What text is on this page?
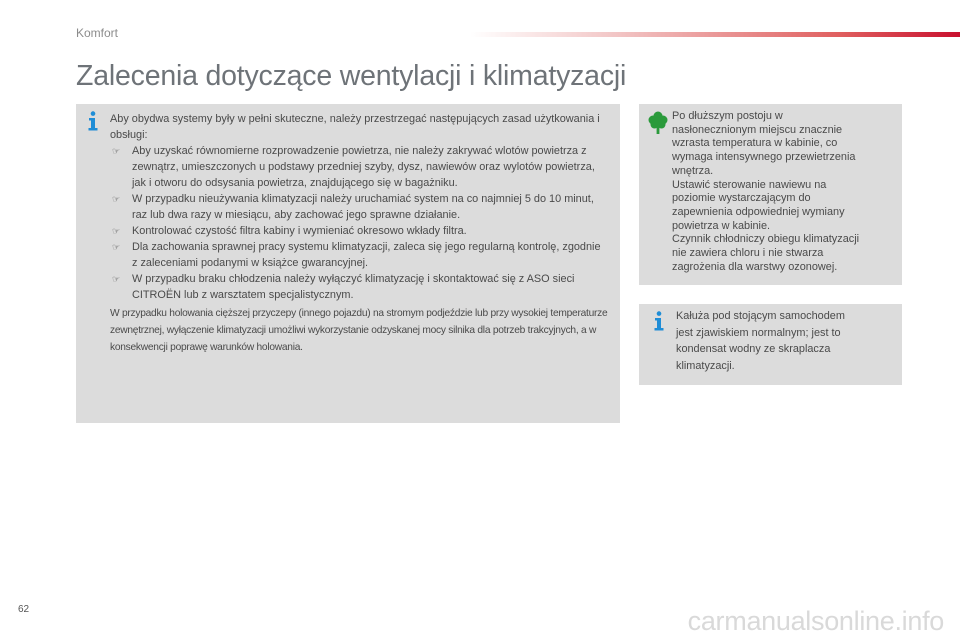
Komfort
Zalecenia dotyczące wentylacji i klimatyzacji

Aby obydwa systemy były w pełni skuteczne, należy przestrzegać następujących zasad użytkowania i obsługi:

☞ Aby uzyskać równomierne rozprowadzenie powietrza, nie należy zakrywać wlotów powietrza z zewnątrz, umieszczonych u podstawy przedniej szyby, dysz, nawiewów oraz wylotów powietrza, jak i otworu do odsysania powietrza, znajdującego się w bagażniku.
☞ W przypadku nieużywania klimatyzacji należy uruchamiać system na co najmniej 5 do 10 minut, raz lub dwa razy w miesiącu, aby zachować jego sprawne działanie.
☞ Kontrolować czystość filtra kabiny i wymieniać okresowo wkłady filtra.
☞ Dla zachowania sprawnej pracy systemu klimatyzacji, zaleca się jego regularną kontrolę, zgodnie z zaleceniami podanymi w książce gwarancyjnej.
☞ W przypadku braku chłodzenia należy wyłączyć klimatyzację i skontaktować się z ASO sieci CITROËN lub z warsztatem specjalistycznym.

W przypadku holowania cięższej przyczepy (innego pojazdu) na stromym podjeździe lub przy wysokiej temperaturze zewnętrznej, wyłączenie klimatyzacji umożliwi wykorzystanie odzyskanej mocy silnika dla potrzeb trakcyjnych, a w konsekwencji poprawę warunków holowania.

Po dłuższym postoju w
nasłonecznionym miejscu znacznie
wzrasta temperatura w kabinie, co
wymaga intensywnego przewietrzenia
wnętrza.
Ustawić sterowanie nawiewu na
poziomie wystarczającym do
zapewnienia odpowiedniej wymiany
powietrza w kabinie.
Czynnik chłodniczy obiegu klimatyzacji
nie zawiera chloru i nie stwarza
zagrożenia dla warstwy ozonowej.

Kałuża pod stojącym samochodem
jest zjawiskiem normalnym; jest to
kondensat wodny ze skraplacza
klimatyzacji.

62	carmanualsonline.info
